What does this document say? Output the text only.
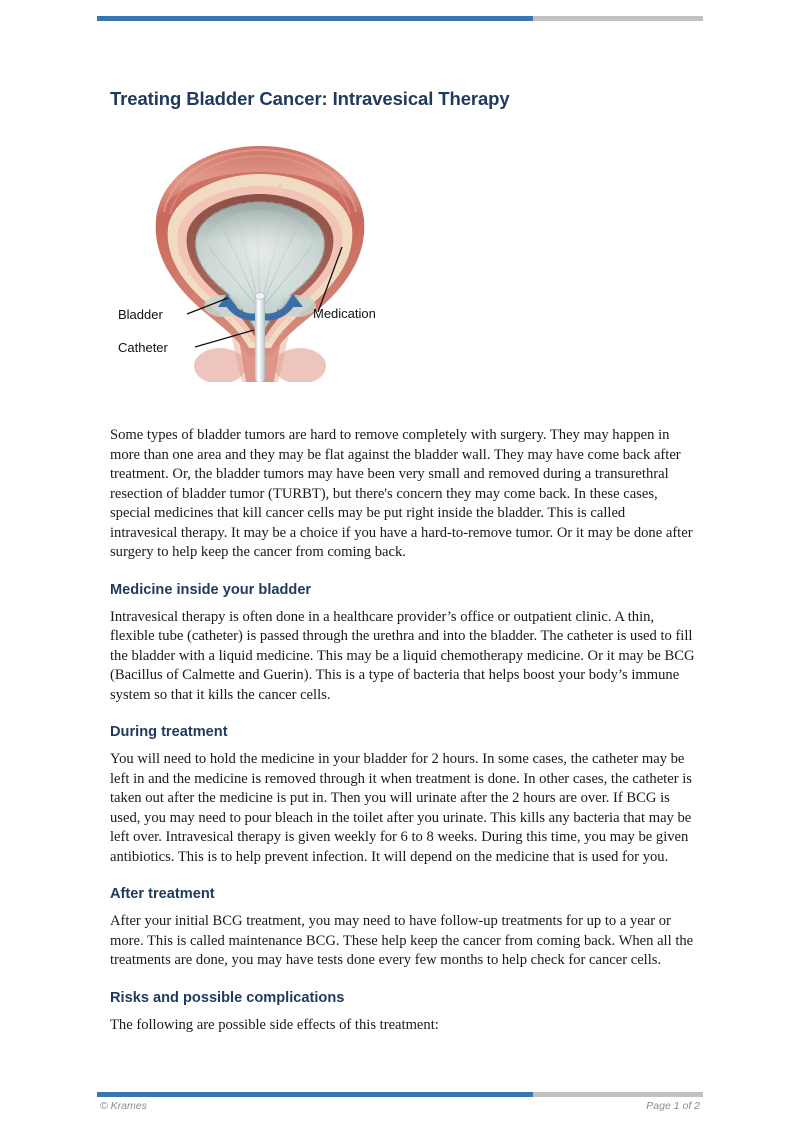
Treating Bladder Cancer: Intravesical Therapy
Bladder
Catheter
Medication

Some types of bladder tumors are hard to remove completely with surgery. They may happen in more than one area and they may be flat against the bladder wall. They may have come back after treatment. Or, the bladder tumors may have been very small and removed during a transurethral resection of bladder tumor (TURBT), but there's concern they may come back. In these cases, special medicines that kill cancer cells may be put right inside the bladder. This is called intravesical therapy. It may be a choice if you have a hard-to-remove tumor. Or it may be done after surgery to help keep the cancer from coming back.

Medicine inside your bladder

Intravesical therapy is often done in a healthcare provider’s office or outpatient clinic. A thin, flexible tube (catheter) is passed through the urethra and into the bladder. The catheter is used to fill the bladder with a liquid medicine. This may be a liquid chemotherapy medicine. Or it may be BCG (Bacillus of Calmette and Guerin). This is a type of bacteria that helps boost your body’s immune system so that it kills the cancer cells.

During treatment

You will need to hold the medicine in your bladder for 2 hours. In some cases, the catheter may be left in and the medicine is removed through it when treatment is done. In other cases, the catheter is taken out after the medicine is put in. Then you will urinate after the 2 hours are over. If BCG is used, you may need to pour bleach in the toilet after you urinate. This kills any bacteria that may be left over. Intravesical therapy is given weekly for 6 to 8 weeks. During this time, you may be given antibiotics. This is to help prevent infection. It will depend on the medicine that is used for you.

After treatment

After your initial BCG treatment, you may need to have follow-up treatments for up to a year or more. This is called maintenance BCG. These help keep the cancer from coming back. When all the treatments are done, you may have tests done every few months to help check for cancer cells.

Risks and possible complications

The following are possible side effects of this treatment:

© Krames	Page 1 of 2
